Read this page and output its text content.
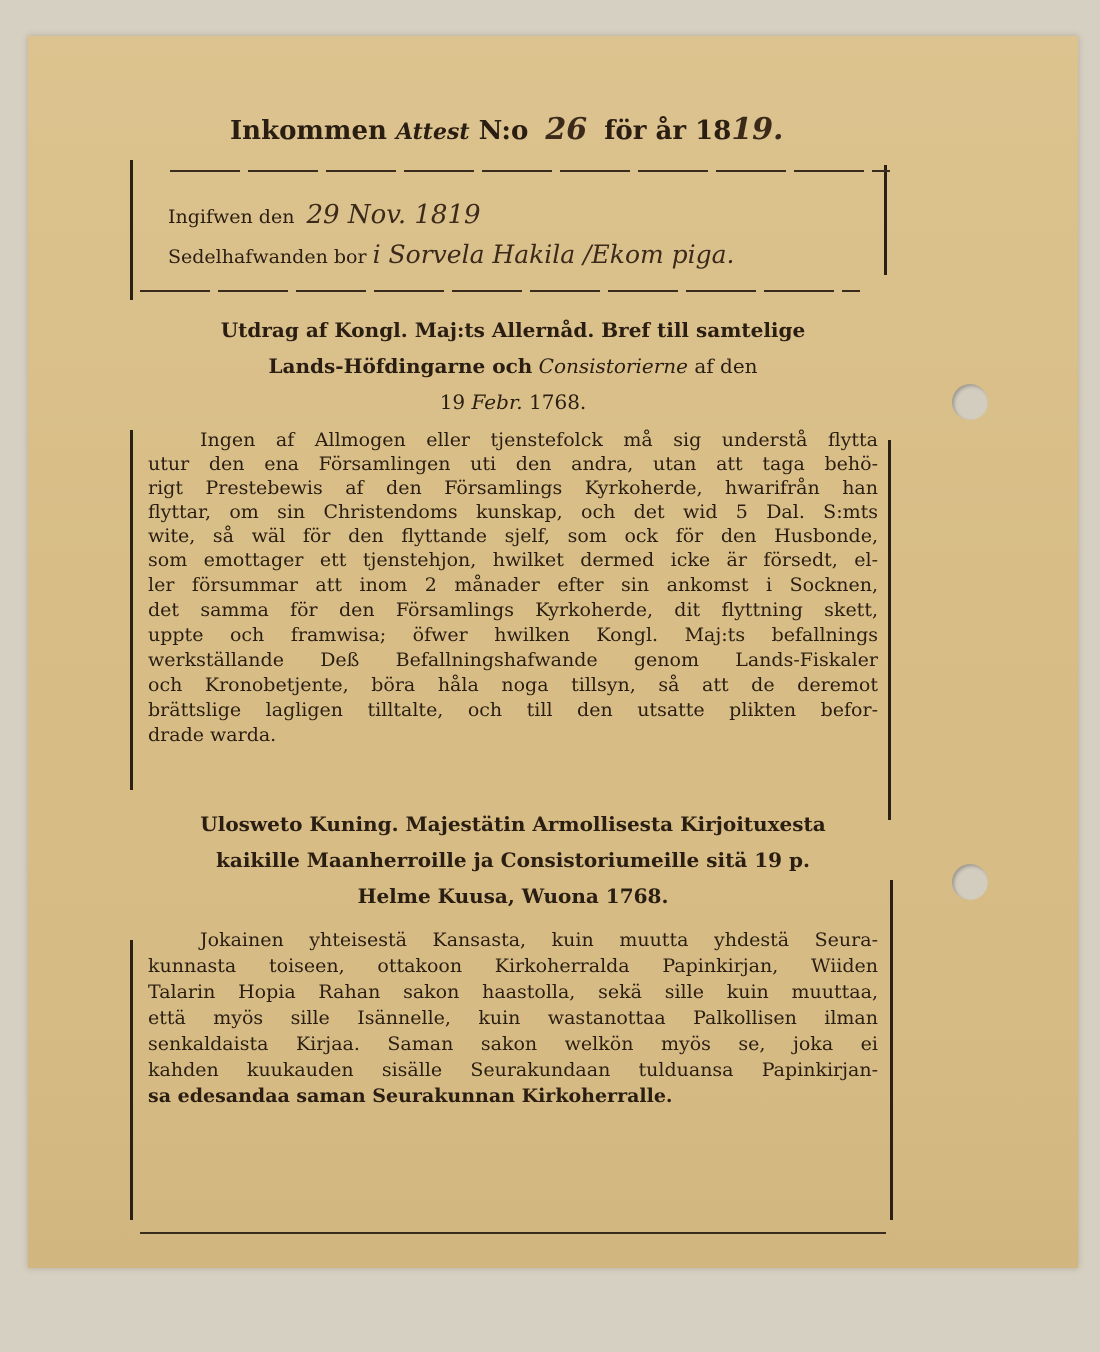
Inkommen Attest N:o 26 för år 1819.
Ingifwen den 29 Nov. 1819
Sedelhafwanden bor i Sorvela Hakila /Ekom piga.
Utdrag af Kongl. Maj:ts Allernåd. Bref till samtelige
Lands-Höfdingarne och Consistorierne af den
19 Febr. 1768.
Ingen af Allmogen eller tjenstefolck må sig understå flytta
utur den ena Församlingen uti den andra, utan att taga behö-
rigt Prestebewis af den Församlings Kyrkoherde, hwarifrån han
flyttar, om sin Christendoms kunskap, och det wid 5 Dal. S:mts
wite, så wäl för den flyttande sjelf, som ock för den Husbonde,
som emottager ett tjenstehjon, hwilket dermed icke är försedt, el-
ler försummar att inom 2 månader efter sin ankomst i Socknen,
det samma för den Församlings Kyrkoherde, dit flyttning skett,
uppte och framwisa; öfwer hwilken Kongl. Maj:ts befallnings
werkställande Deß Befallningshafwande genom Lands-Fiskaler
och Kronobetjente, böra håla noga tillsyn, så att de deremot
brättslige lagligen tilltalte, och till den utsatte plikten befor-
drade warda.
Ulosweto Kuning. Majestätin Armollisesta Kirjoituxesta
kaikille Maanherroille ja Consistoriumeille sitä 19 p.
Helme Kuusa, Wuona 1768.
Jokainen yhteisestä Kansasta, kuin muutta yhdestä Seura-
kunnasta toiseen, ottakoon Kirkoherralda Papinkirjan, Wiiden
Talarin Hopia Rahan sakon haastolla, sekä sille kuin muuttaa,
että myös sille Isännelle, kuin wastanottaa Palkollisen ilman
senkaldaista Kirjaa. Saman sakon welkön myös se, joka ei
kahden kuukauden sisälle Seurakundaan tulduansa Papinkirjan-
sa edesandaa saman Seurakunnan Kirkoherralle.
